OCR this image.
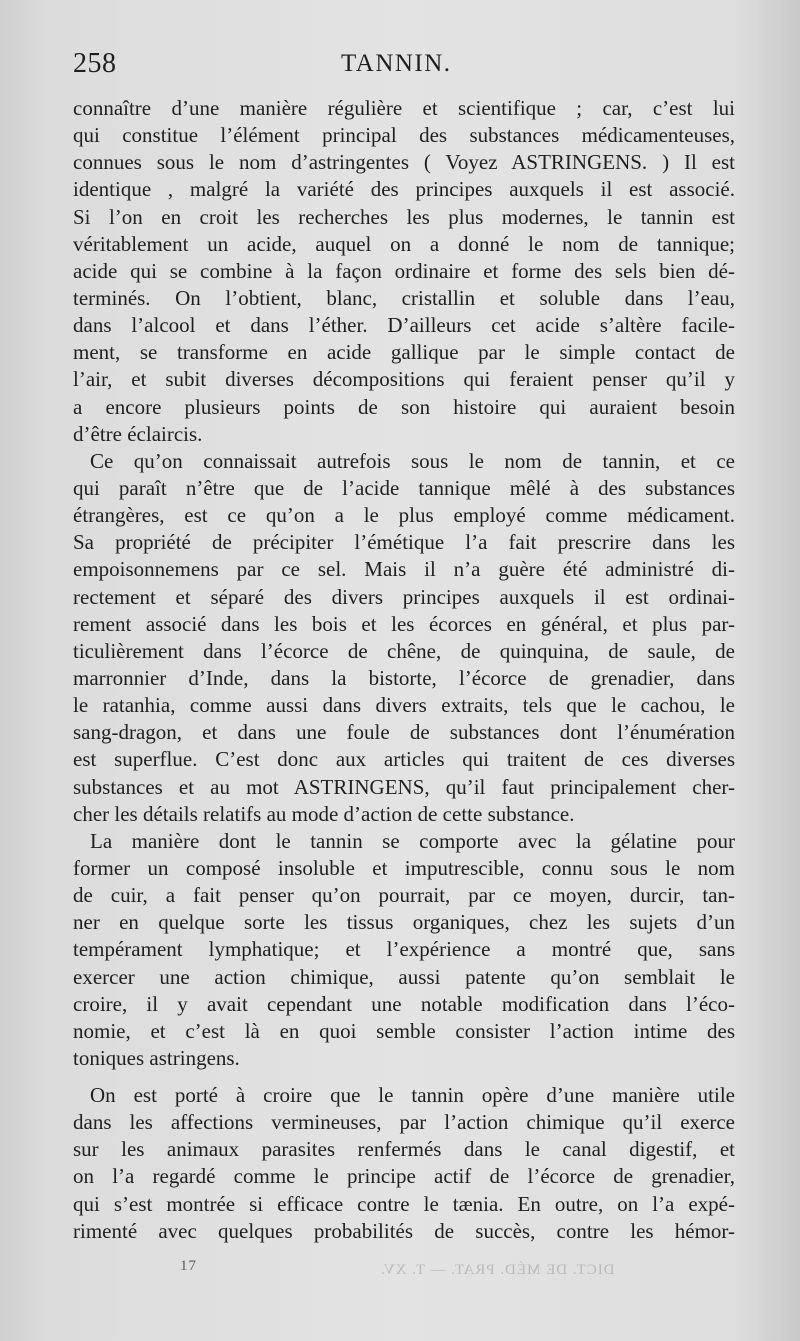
258	TANNIN.
connaître d’une manière régulière et scientifique ; car, c’est lui
qui constitue l’élément principal des substances médicamenteuses,
connues sous le nom d’astringentes ( Voyez ASTRINGENS. ) Il est
identique , malgré la variété des principes auxquels il est associé.
Si l’on en croit les recherches les plus modernes, le tannin est
véritablement un acide, auquel on a donné le nom de tannique;
acide qui se combine à la façon ordinaire et forme des sels bien dé-
terminés. On l’obtient, blanc, cristallin et soluble dans l’eau,
dans l’alcool et dans l’éther. D’ailleurs cet acide s’altère facile-
ment, se transforme en acide gallique par le simple contact de
l’air, et subit diverses décompositions qui feraient penser qu’il y
a encore plusieurs points de son histoire qui auraient besoin
d’être éclaircis.
Ce qu’on connaissait autrefois sous le nom de tannin, et ce
qui paraît n’être que de l’acide tannique mêlé à des substances
étrangères, est ce qu’on a le plus employé comme médicament.
Sa propriété de précipiter l’émétique l’a fait prescrire dans les
empoisonnemens par ce sel. Mais il n’a guère été administré di-
rectement et séparé des divers principes auxquels il est ordinai-
rement associé dans les bois et les écorces en général, et plus par-
ticulièrement dans l’écorce de chêne, de quinquina, de saule, de
marronnier d’Inde, dans la bistorte, l’écorce de grenadier, dans
le ratanhia, comme aussi dans divers extraits, tels que le cachou, le
sang-dragon, et dans une foule de substances dont l’énumération
est superflue. C’est donc aux articles qui traitent de ces diverses
substances et au mot ASTRINGENS, qu’il faut principalement cher-
cher les détails relatifs au mode d’action de cette substance.
La manière dont le tannin se comporte avec la gélatine pour
former un composé insoluble et imputrescible, connu sous le nom
de cuir, a fait penser qu’on pourrait, par ce moyen, durcir, tan-
ner en quelque sorte les tissus organiques, chez les sujets d’un
tempérament lymphatique; et l’expérience a montré que, sans
exercer une action chimique, aussi patente qu’on semblait le
croire, il y avait cependant une notable modification dans l’éco-
nomie, et c’est là en quoi semble consister l’action intime des
toniques astringens.
On est porté à croire que le tannin opère d’une manière utile
dans les affections vermineuses, par l’action chimique qu’il exerce
sur les animaux parasites renfermés dans le canal digestif, et
on l’a regardé comme le principe actif de l’écorce de grenadier,
qui s’est montrée si efficace contre le tænia. En outre, on l’a expé-
rimenté avec quelques probabilités de succès, contre les hémor-
17	DICT. DE MÉD. PRAT. — T. XV.
